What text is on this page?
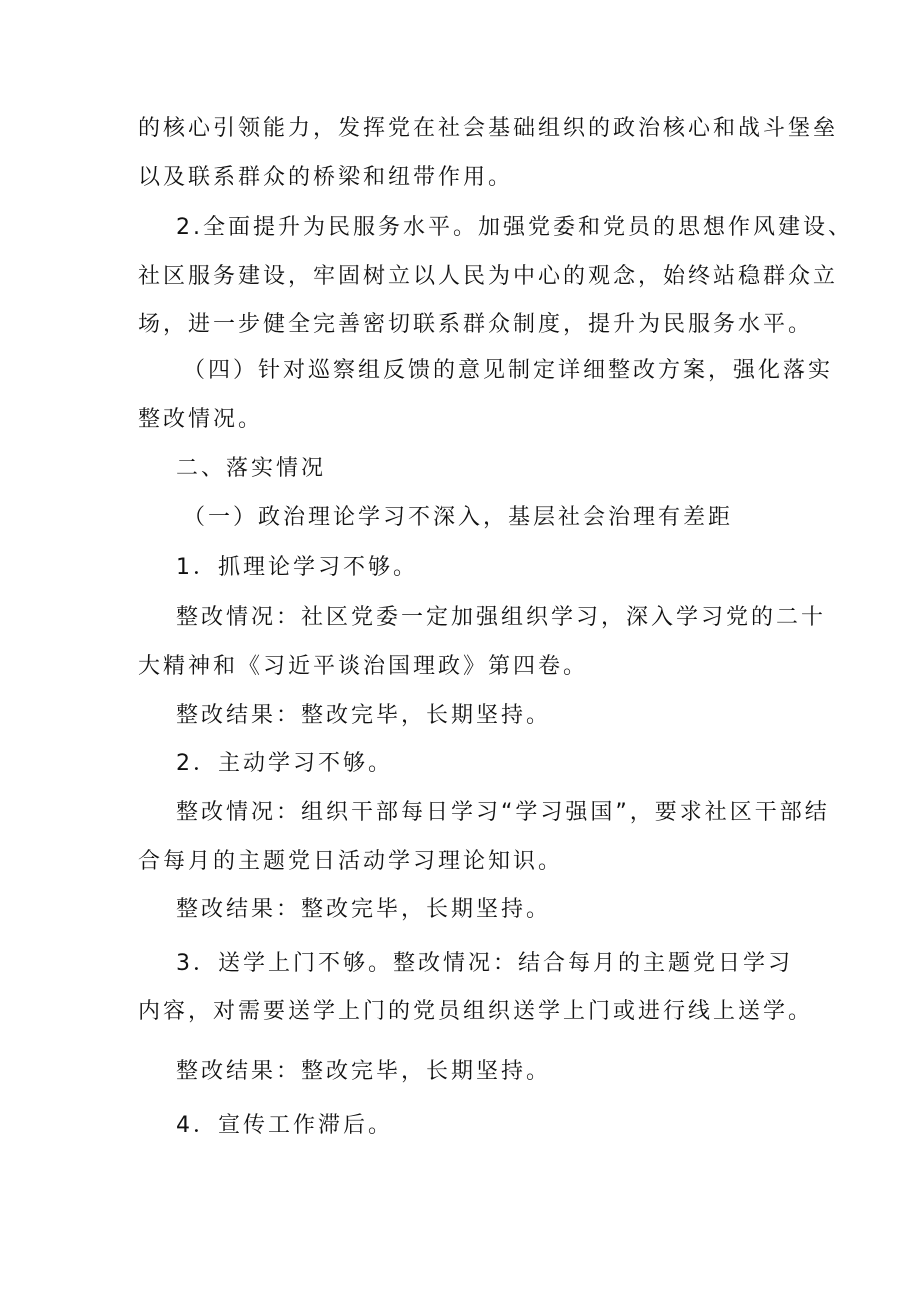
的核心引领能力，发挥党在社会基础组织的政治核心和战斗堡垒
以及联系群众的桥梁和纽带作用。
2.全面提升为民服务水平。加强党委和党员的思想作风建设、
社区服务建设，牢固树立以人民为中心的观念，始终站稳群众立
场，进一步健全完善密切联系群众制度，提升为民服务水平。
（四）针对巡察组反馈的意见制定详细整改方案，强化落实
整改情况。
二、落实情况
（一）政治理论学习不深入，基层社会治理有差距
1．抓理论学习不够。
整改情况：社区党委一定加强组织学习，深入学习党的二十
大精神和《习近平谈治国理政》第四卷。
整改结果：整改完毕，长期坚持。
2．主动学习不够。
整改情况：组织干部每日学习“学习强国”，要求社区干部结
合每月的主题党日活动学习理论知识。
整改结果：整改完毕，长期坚持。
3．送学上门不够。整改情况：结合每月的主题党日学习
内容，对需要送学上门的党员组织送学上门或进行线上送学。
整改结果：整改完毕，长期坚持。
4．宣传工作滞后。
